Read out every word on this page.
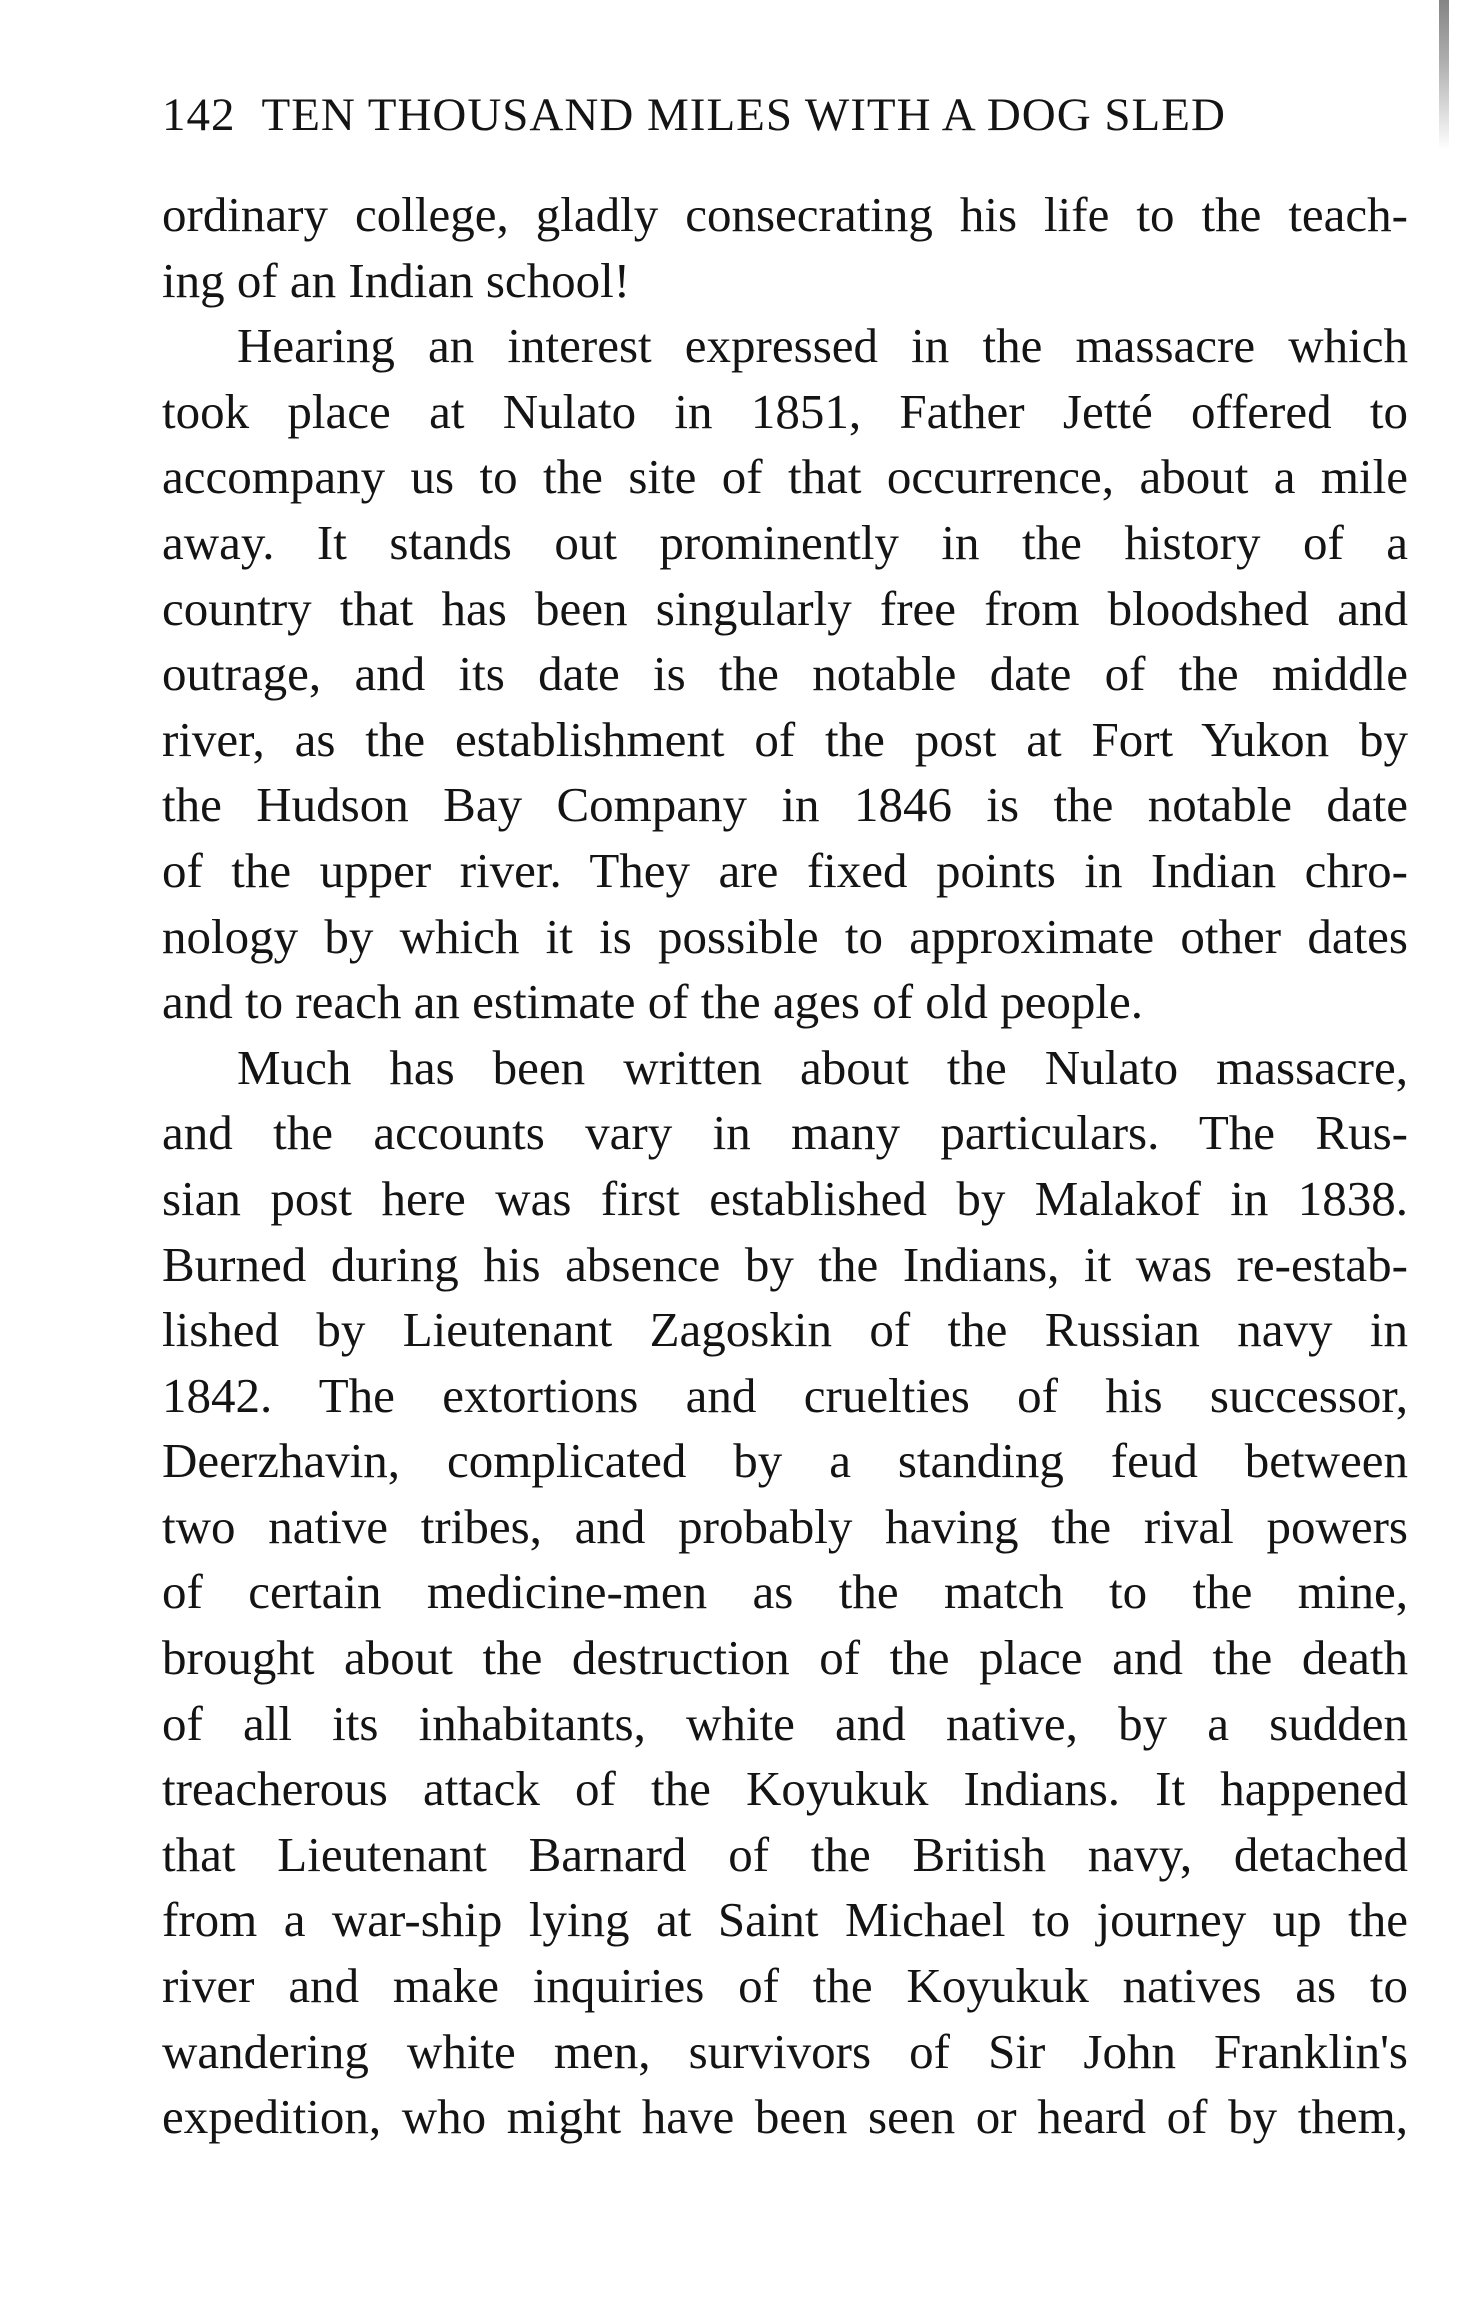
142 TEN THOUSAND MILES WITH A DOG SLED
ordinary college, gladly consecrating his life to the teach-
ing of an Indian school!
Hearing an interest expressed in the massacre which
took place at Nulato in 1851, Father Jetté offered to
accompany us to the site of that occurrence, about a mile
away. It stands out prominently in the history of a
country that has been singularly free from bloodshed and
outrage, and its date is the notable date of the middle
river, as the establishment of the post at Fort Yukon by
the Hudson Bay Company in 1846 is the notable date
of the upper river. They are fixed points in Indian chro-
nology by which it is possible to approximate other dates
and to reach an estimate of the ages of old people.
Much has been written about the Nulato massacre,
and the accounts vary in many particulars. The Rus-
sian post here was first established by Malakof in 1838.
Burned during his absence by the Indians, it was re-estab-
lished by Lieutenant Zagoskin of the Russian navy in
1842. The extortions and cruelties of his successor,
Deerzhavin, complicated by a standing feud between
two native tribes, and probably having the rival powers
of certain medicine-men as the match to the mine,
brought about the destruction of the place and the death
of all its inhabitants, white and native, by a sudden
treacherous attack of the Koyukuk Indians. It happened
that Lieutenant Barnard of the British navy, detached
from a war-ship lying at Saint Michael to journey up the
river and make inquiries of the Koyukuk natives as to
wandering white men, survivors of Sir John Franklin's
expedition, who might have been seen or heard of by them,
